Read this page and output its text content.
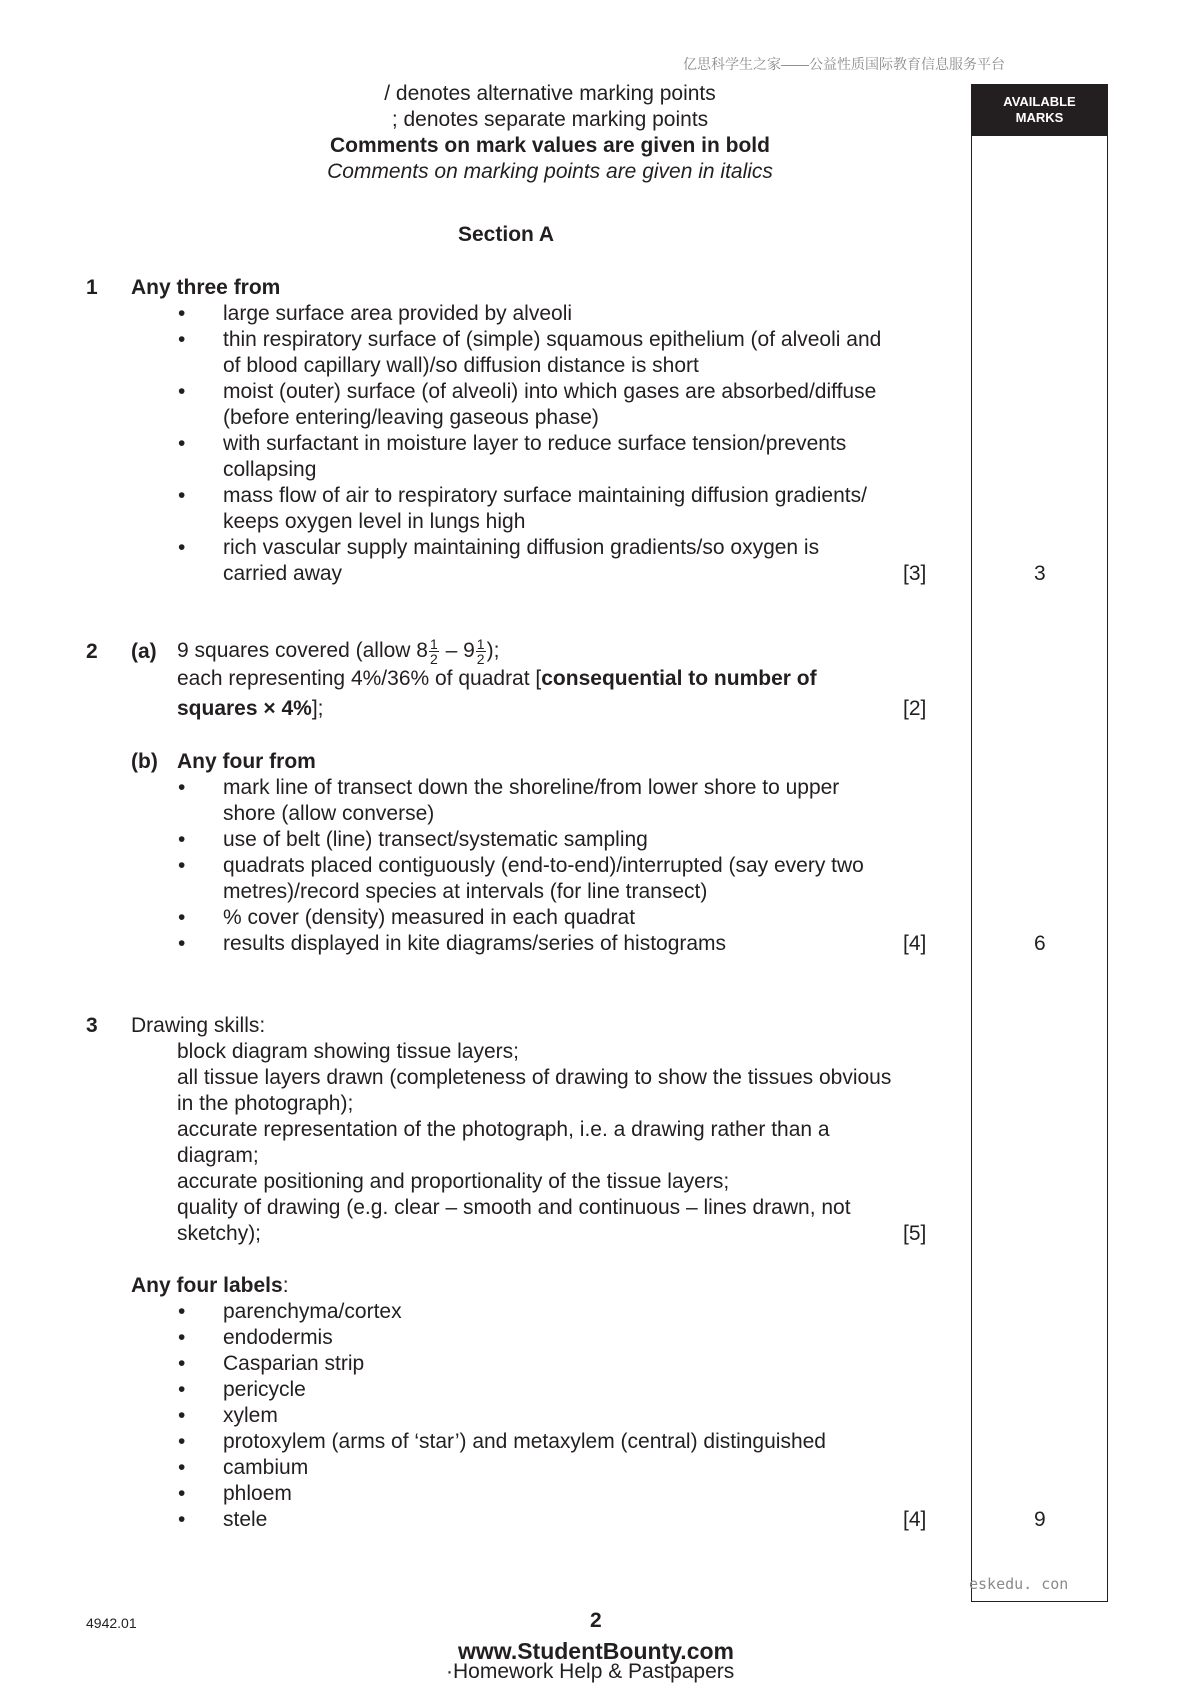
亿思科学生之家——公益性质国际教育信息服务平台
AVAILABLE
MARKS
/ denotes alternative marking points
; denotes separate marking points
Comments on mark values are given in bold
Comments on marking points are given in italics
Section A
1 Any three from
• large surface area provided by alveoli
• thin respiratory surface of (simple) squamous epithelium (of alveoli and
of blood capillary wall)/so diffusion distance is short
• moist (outer) surface (of alveoli) into which gases are absorbed/diffuse
(before entering/leaving gaseous phase)
• with surfactant in moisture layer to reduce surface tension/prevents
collapsing
• mass flow of air to respiratory surface maintaining diffusion gradients/
keeps oxygen level in lungs high
• rich vascular supply maintaining diffusion gradients/so oxygen is
carried away	[3]	3
2 (a) 9 squares covered (allow $8 \frac{1}{2} - 9 \frac{1}{2}$ );
each representing 4%/36% of quadrat [consequential to number of
squares × 4%];	[2]
(b) Any four from
• mark line of transect down the shoreline/from lower shore to upper
shore (allow converse)
• use of belt (line) transect/systematic sampling
• quadrats placed contiguously (end-to-end)/interrupted (say every two
metres)/record species at intervals (for line transect)
• % cover (density) measured in each quadrat
• results displayed in kite diagrams/series of histograms	[4]	6
3 Drawing skills:
block diagram showing tissue layers;
all tissue layers drawn (completeness of drawing to show the tissues obvious
in the photograph);
accurate representation of the photograph, i.e. a drawing rather than a
diagram;
accurate positioning and proportionality of the tissue layers;
quality of drawing (e.g. clear – smooth and continuous – lines drawn, not
sketchy);	[5]
Any four labels:
• parenchyma/cortex
• endodermis
• Casparian strip
• pericycle
• xylem
• protoxylem (arms of ‘star’) and metaxylem (central) distinguished
• cambium
• phloem
• stele	[4]	9
eskedu. con
4942.01	2
www.StudentBounty.com
·Homework Help & Pastpapers
